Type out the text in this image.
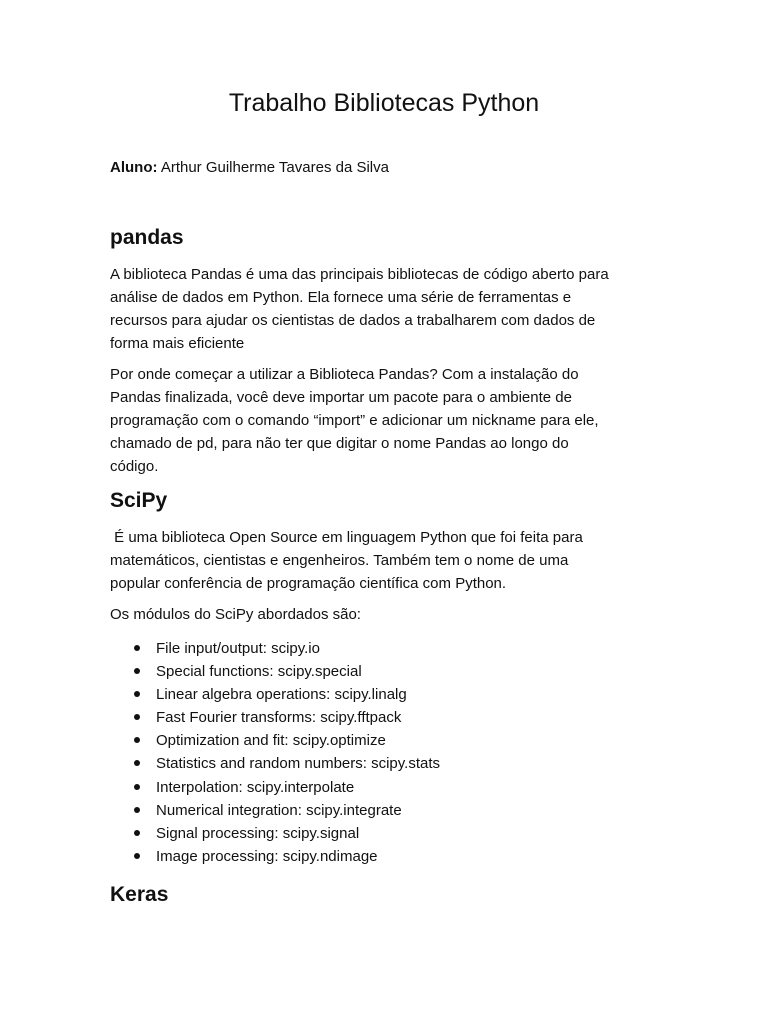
Trabalho Bibliotecas Python
Aluno: Arthur Guilherme Tavares da Silva
pandas
A biblioteca Pandas é uma das principais bibliotecas de código aberto para
análise de dados em Python. Ela fornece uma série de ferramentas e
recursos para ajudar os cientistas de dados a trabalharem com dados de
forma mais eficiente
Por onde começar a utilizar a Biblioteca Pandas? Com a instalação do
Pandas finalizada, você deve importar um pacote para o ambiente de
programação com o comando “import” e adicionar um nickname para ele,
chamado de pd, para não ter que digitar o nome Pandas ao longo do
código.
SciPy
É uma biblioteca Open Source em linguagem Python que foi feita para
matemáticos, cientistas e engenheiros. Também tem o nome de uma
popular conferência de programação científica com Python.
Os módulos do SciPy abordados são:
File input/output: scipy.io
Special functions: scipy.special
Linear algebra operations: scipy.linalg
Fast Fourier transforms: scipy.fftpack
Optimization and fit: scipy.optimize
Statistics and random numbers: scipy.stats
Interpolation: scipy.interpolate
Numerical integration: scipy.integrate
Signal processing: scipy.signal
Image processing: scipy.ndimage
Keras
